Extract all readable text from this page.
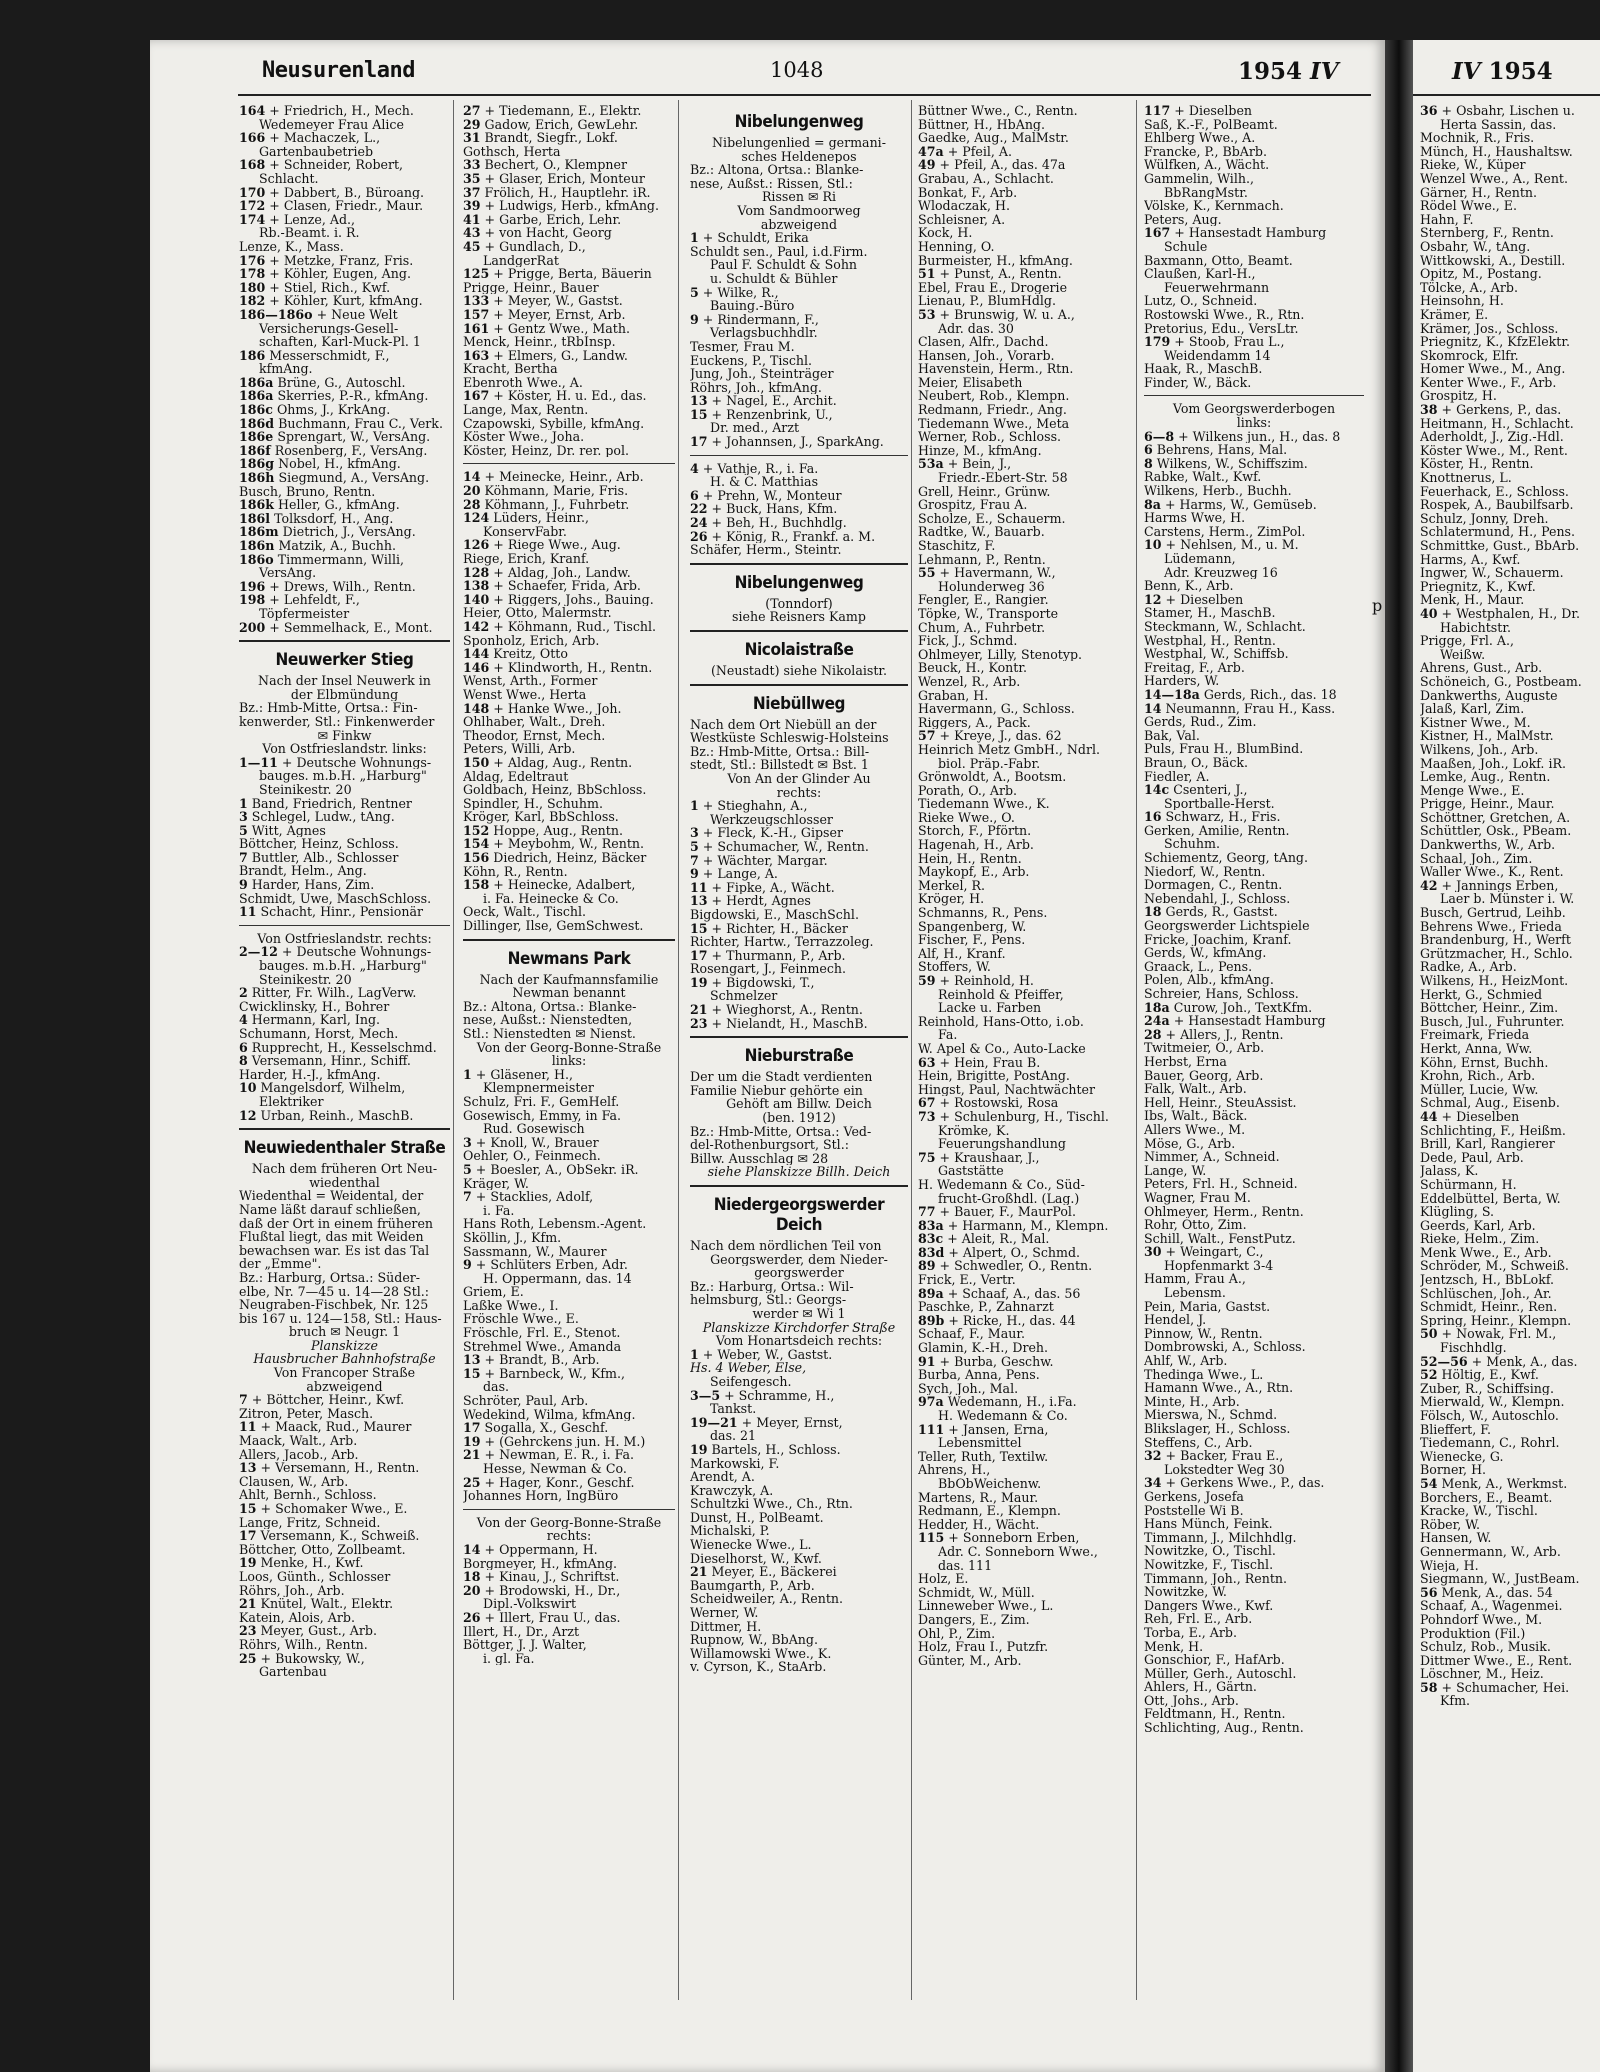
Neusurenland	1048	1954 IV	IV 1954
164 + Friedrich, H., Mech.
Wedemeyer Frau Alice
166 + Machaczek, L.,
Gartenbaubetrieb
168 + Schneider, Robert,
Schlacht.
170 + Dabbert, B., Büroang.
172 + Clasen, Friedr., Maur.
174 + Lenze, Ad.,
Rb.-Beamt. i. R.
Lenze, K., Mass.
176 + Metzke, Franz, Fris.
178 + Köhler, Eugen, Ang.
180 + Stiel, Rich., Kwf.
182 + Köhler, Kurt, kfmAng.
186—186o + Neue Welt
Versicherungs-Gesell-
schaften, Karl-Muck-Pl. 1
186 Messerschmidt, F.,
kfmAng.
186a Brüne, G., Autoschl.
186a Skerries, P.-R., kfmAng.
186c Ohms, J., KrkAng.
186d Buchmann, Frau C., Verk.
186e Sprengart, W., VersAng.
186f Rosenberg, F., VersAng.
186g Nobel, H., kfmAng.
186h Siegmund, A., VersAng.
Busch, Bruno, Rentn.
186k Heller, G., kfmAng.
186l Tolksdorf, H., Ang.
186m Dietrich, J., VersAng.
186n Matzik, A., Buchh.
186o Timmermann, Willi,
VersAng.
196 + Drews, Wilh., Rentn.
198 + Lehfeldt, F.,
Töpfermeister
200 + Semmelhack, E., Mont.
Neuwerker Stieg
Nach der Insel Neuwerk in
der Elbmündung
Bz.: Hmb-Mitte, Ortsa.: Fin-
kenwerder, Stl.: Finkenwerder
✉ Finkw
Von Ostfrieslandstr. links:
1—11 + Deutsche Wohnungs-
bauges. m.b.H. „Harburg"
Steinikestr. 20
1 Band, Friedrich, Rentner
3 Schlegel, Ludw., tAng.
5 Witt, Agnes
Böttcher, Heinz, Schloss.
7 Buttler, Alb., Schlosser
Brandt, Helm., Ang.
9 Harder, Hans, Zim.
Schmidt, Uwe, MaschSchloss.
11 Schacht, Hinr., Pensionär
Von Ostfrieslandstr. rechts:
2—12 + Deutsche Wohnungs-
bauges. m.b.H. „Harburg"
Steinikestr. 20
2 Ritter, Fr. Wilh., LagVerw.
Cwicklinsky, H., Bohrer
4 Hermann, Karl, Ing.
Schumann, Horst, Mech.
6 Rupprecht, H., Kesselschmd.
8 Versemann, Hinr., Schiff.
Harder, H.-J., kfmAng.
10 Mangelsdorf, Wilhelm,
Elektriker
12 Urban, Reinh., MaschB.
Neuwiedenthaler Straße
Nach dem früheren Ort Neu-
wiedenthal
Wiedenthal = Weidental, der
Name läßt darauf schließen,
daß der Ort in einem früheren
Flußtal liegt, das mit Weiden
bewachsen war. Es ist das Tal
der „Emme".
Bz.: Harburg, Ortsa.: Süder-
elbe, Nr. 7—45 u. 14—28 Stl.:
Neugraben-Fischbek, Nr. 125
bis 167 u. 124—158, Stl.: Haus-
bruch ✉ Neugr. 1
Planskizze
Hausbrucher Bahnhofstraße
Von Francoper Straße
abzweigend
7 + Böttcher, Heinr., Kwf.
Zitron, Peter, Masch.
11 + Maack, Rud., Maurer
Maack, Walt., Arb.
Allers, Jacob., Arb.
13 + Versemann, H., Rentn.
Clausen, W., Arb.
Ahlt, Bernh., Schloss.
15 + Schomaker Wwe., E.
Lange, Fritz, Schneid.
17 Versemann, K., Schweiß.
Böttcher, Otto, Zollbeamt.
19 Menke, H., Kwf.
Loos, Günth., Schlosser
Röhrs, Joh., Arb.
21 Knütel, Walt., Elektr.
Katein, Alois, Arb.
23 Meyer, Gust., Arb.
Röhrs, Wilh., Rentn.
25 + Bukowsky, W.,
Gartenbau
27 + Tiedemann, E., Elektr.
29 Gadow, Erich, GewLehr.
31 Brandt, Siegfr., Lokf.
Gothsch, Herta
33 Bechert, O., Klempner
35 + Glaser, Erich, Monteur
37 Frölich, H., Hauptlehr. iR.
39 + Ludwigs, Herb., kfmAng.
41 + Garbe, Erich, Lehr.
43 + von Hacht, Georg
45 + Gundlach, D.,
LandgerRat
125 + Prigge, Berta, Bäuerin
Prigge, Heinr., Bauer
133 + Meyer, W., Gastst.
157 + Meyer, Ernst, Arb.
161 + Gentz Wwe., Math.
Menck, Heinr., tRbInsp.
163 + Elmers, G., Landw.
Kracht, Bertha
Ebenroth Wwe., A.
167 + Köster, H. u. Ed., das.
Lange, Max, Rentn.
Czapowski, Sybille, kfmAng.
Köster Wwe., Joha.
Köster, Heinz, Dr. rer. pol.
14 + Meinecke, Heinr., Arb.
20 Köhmann, Marie, Fris.
28 Köhmann, J., Fuhrbetr.
124 Lüders, Heinr.,
KonservFabr.
126 + Riege Wwe., Aug.
Riege, Erich, Kranf.
128 + Aldag, Joh., Landw.
138 + Schaefer, Frida, Arb.
140 + Riggers, Johs., Bauing.
Heier, Otto, Malermstr.
142 + Köhmann, Rud., Tischl.
Sponholz, Erich, Arb.
144 Kreitz, Otto
146 + Klindworth, H., Rentn.
Wenst, Arth., Former
Wenst Wwe., Herta
148 + Hanke Wwe., Joh.
Ohlhaber, Walt., Dreh.
Theodor, Ernst, Mech.
Peters, Willi, Arb.
150 + Aldag, Aug., Rentn.
Aldag, Edeltraut
Goldbach, Heinz, BbSchloss.
Spindler, H., Schuhm.
Kröger, Karl, BbSchloss.
152 Hoppe, Aug., Rentn.
154 + Meybohm, W., Rentn.
156 Diedrich, Heinz, Bäcker
Köhn, R., Rentn.
158 + Heinecke, Adalbert,
i. Fa. Heinecke & Co.
Oeck, Walt., Tischl.
Dillinger, Ilse, GemSchwest.
Newmans Park
Nach der Kaufmannsfamilie
Newman benannt
Bz.: Altona, Ortsa.: Blanke-
nese, Außst.: Nienstedten,
Stl.: Nienstedten ✉ Nienst.
Von der Georg-Bonne-Straße
links:
1 + Gläsener, H.,
Klempnermeister
Schulz, Fri. F., GemHelf.
Gosewisch, Emmy, in Fa.
Rud. Gosewisch
3 + Knoll, W., Brauer
Oehler, O., Feinmech.
5 + Boesler, A., ObSekr. iR.
Kräger, W.
7 + Stacklies, Adolf,
i. Fa.
Hans Roth, Lebensm.-Agent.
Sköllin, J., Kfm.
Sassmann, W., Maurer
9 + Schlüters Erben, Adr.
H. Oppermann, das. 14
Griem, E.
Laßke Wwe., I.
Fröschle Wwe., E.
Fröschle, Frl. E., Stenot.
Strehmel Wwe., Amanda
13 + Brandt, B., Arb.
15 + Barnbeck, W., Kfm.,
das.
Schröter, Paul, Arb.
Wedekind, Wilma, kfmAng.
17 Sogalla, X., Geschf.
19 + (Gehrckens jun. H. M.)
21 + Newman, E. R., i. Fa.
Hesse, Newman & Co.
25 + Hager, Konr., Geschf.
Johannes Horn, IngBüro
Von der Georg-Bonne-Straße
rechts:
14 + Oppermann, H.
Borgmeyer, H., kfmAng.
18 + Kinau, J., Schriftst.
20 + Brodowski, H., Dr.,
Dipl.-Volkswirt
26 + Illert, Frau U., das.
Illert, H., Dr., Arzt
Böttger, J. J. Walter,
i. gl. Fa.
Nibelungenweg
Nibelungenlied = germani-
sches Heldenepos
Bz.: Altona, Ortsa.: Blanke-
nese, Außst.: Rissen, Stl.:
Rissen ✉ Ri
Vom Sandmoorweg
abzweigend
1 + Schuldt, Erika
Schuldt sen., Paul, i.d.Firm.
Paul F. Schuldt & Sohn
u. Schuldt & Bühler
5 + Wilke, R.,
Bauing.-Büro
9 + Rindermann, F.,
Verlagsbuchhdlr.
Tesmer, Frau M.
Euckens, P., Tischl.
Jung, Joh., Steinträger
Röhrs, Joh., kfmAng.
13 + Nagel, E., Archit.
15 + Renzenbrink, U.,
Dr. med., Arzt
17 + Johannsen, J., SparkAng.
4 + Vathje, R., i. Fa.
H. & C. Matthias
6 + Prehn, W., Monteur
22 + Buck, Hans, Kfm.
24 + Beh, H., Buchhdlg.
26 + König, R., Frankf. a. M.
Schäfer, Herm., Steintr.
Nibelungenweg
(Tonndorf)
siehe Reisners Kamp
Nicolaistraße
(Neustadt) siehe Nikolaistr.
Niebüllweg
Nach dem Ort Niebüll an der
Westküste Schleswig-Holsteins
Bz.: Hmb-Mitte, Ortsa.: Bill-
stedt, Stl.: Billstedt ✉ Bst. 1
Von An der Glinder Au
rechts:
1 + Stieghahn, A.,
Werkzeugschlosser
3 + Fleck, K.-H., Gipser
5 + Schumacher, W., Rentn.
7 + Wächter, Margar.
9 + Lange, A.
11 + Fipke, A., Wächt.
13 + Herdt, Agnes
Bigdowski, E., MaschSchl.
15 + Richter, H., Bäcker
Richter, Hartw., Terrazzoleg.
17 + Thurmann, P., Arb.
Rosengart, J., Feinmech.
19 + Bigdowski, T.,
Schmelzer
21 + Wieghorst, A., Rentn.
23 + Nielandt, H., MaschB.
Nieburstraße
Der um die Stadt verdienten
Familie Niebur gehörte ein
Gehöft am Billw. Deich
(ben. 1912)
Bz.: Hmb-Mitte, Ortsa.: Ved-
del-Rothenburgsort, Stl.:
Billw. Ausschlag ✉ 28
siehe Planskizze Billh. Deich
Niedergeorgswerder Deich
Nach dem nördlichen Teil von
Georgswerder, dem Nieder-
georgswerder
Bz.: Harburg, Ortsa.: Wil-
helmsburg, Stl.: Georgs-
werder ✉ Wi 1
Planskizze Kirchdorfer Straße
Vom Honartsdeich rechts:
1 + Weber, W., Gastst.
Hs. 4 Weber, Else,
Seifengesch.
3—5 + Schramme, H.,
Tankst.
19—21 + Meyer, Ernst,
das. 21
19 Bartels, H., Schloss.
Markowski, F.
Arendt, A.
Krawczyk, A.
Schultzki Wwe., Ch., Rtn.
Dunst, H., PolBeamt.
Michalski, P.
Wienecke Wwe., L.
Dieselhorst, W., Kwf.
21 Meyer, E., Bäckerei
Baumgarth, P., Arb.
Scheidweiler, A., Rentn.
Werner, W.
Dittmer, H.
Rupnow, W., BbAng.
Willamowski Wwe., K.
v. Cyrson, K., StaArb.
Büttner Wwe., C., Rentn.
Büttner, H., HbAng.
Gaedke, Aug., MalMstr.
47a + Pfeil, A.
49 + Pfeil, A., das. 47a
Grabau, A., Schlacht.
Bonkat, F., Arb.
Wlodaczak, H.
Schleisner, A.
Kock, H.
Henning, O.
Burmeister, H., kfmAng.
51 + Punst, A., Rentn.
Ebel, Frau E., Drogerie
Lienau, P., BlumHdlg.
53 + Brunswig, W. u. A.,
Adr. das. 30
Clasen, Alfr., Dachd.
Hansen, Joh., Vorarb.
Havenstein, Herm., Rtn.
Meier, Elisabeth
Neubert, Rob., Klempn.
Redmann, Friedr., Ang.
Tiedemann Wwe., Meta
Werner, Rob., Schloss.
Hinze, M., kfmAng.
53a + Bein, J.,
Friedr.-Ebert-Str. 58
Grell, Heinr., Grünw.
Grospitz, Frau A.
Scholze, E., Schauerm.
Radtke, W., Bauarb.
Staschitz, F.
Lehmann, P., Rentn.
55 + Havermann, W.,
Holunderweg 36
Fengler, E., Rangier.
Töpke, W., Transporte
Chum, A., Fuhrbetr.
Fick, J., Schmd.
Ohlmeyer, Lilly, Stenotyp.
Beuck, H., Kontr.
Wenzel, R., Arb.
Graban, H.
Havermann, G., Schloss.
Riggers, A., Pack.
57 + Kreye, J., das. 62
Heinrich Metz GmbH., Ndrl.
biol. Präp.-Fabr.
Grönwoldt, A., Bootsm.
Porath, O., Arb.
Tiedemann Wwe., K.
Rieke Wwe., O.
Storch, F., Pförtn.
Hagenah, H., Arb.
Hein, H., Rentn.
Maykopf, E., Arb.
Merkel, R.
Kröger, H.
Schmanns, R., Pens.
Spangenberg, W.
Fischer, F., Pens.
Alf, H., Kranf.
Stoffers, W.
59 + Reinhold, H.
Reinhold & Pfeiffer,
Lacke u. Farben
Reinhold, Hans-Otto, i.ob.
Fa.
W. Apel & Co., Auto-Lacke
63 + Hein, Frau B.
Hein, Brigitte, PostAng.
Hingst, Paul, Nachtwächter
67 + Rostowski, Rosa
73 + Schulenburg, H., Tischl.
Krömke, K.
Feuerungshandlung
75 + Kraushaar, J.,
Gaststätte
H. Wedemann & Co., Süd-
frucht-Großhdl. (Lag.)
77 + Bauer, F., MaurPol.
83a + Harmann, M., Klempn.
83c + Aleit, R., Mal.
83d + Alpert, O., Schmd.
89 + Schwedler, O., Rentn.
Frick, E., Vertr.
89a + Schaaf, A., das. 56
Paschke, P., Zahnarzt
89b + Ricke, H., das. 44
Schaaf, F., Maur.
Glamin, K.-H., Dreh.
91 + Burba, Geschw.
Burba, Anna, Pens.
Sych, Joh., Mal.
97a Wedemann, H., i.Fa.
H. Wedemann & Co.
111 + Jansen, Erna,
Lebensmittel
Teller, Ruth, Textilw.
Ahrens, H.,
BbObWeichenw.
Martens, R., Maur.
Redmann, E., Klempn.
Hedder, H., Wächt.
115 + Sonneborn Erben,
Adr. C. Sonneborn Wwe.,
das. 111
Holz, E.
Schmidt, W., Müll.
Linneweber Wwe., L.
Dangers, E., Zim.
Ohl, P., Zim.
Holz, Frau I., Putzfr.
Günter, M., Arb.
117 + Dieselben
Saß, K.-F., PolBeamt.
Ehlberg Wwe., A.
Francke, P., BbArb.
Wülfken, A., Wächt.
Gammelin, Wilh.,
BbRangMstr.
Völske, K., Kernmach.
Peters, Aug.
167 + Hansestadt Hamburg
Schule
Baxmann, Otto, Beamt.
Claußen, Karl-H.,
Feuerwehrmann
Lutz, O., Schneid.
Rostowski Wwe., R., Rtn.
Pretorius, Edu., VersLtr.
179 + Stoob, Frau L.,
Weidendamm 14
Haak, R., MaschB.
Finder, W., Bäck.
Vom Georgswerderbogen
links:
6—8 + Wilkens jun., H., das. 8
6 Behrens, Hans, Mal.
8 Wilkens, W., Schiffszim.
Rabke, Walt., Kwf.
Wilkens, Herb., Buchh.
8a + Harms, W., Gemüseb.
Harms Wwe, H.
Carstens, Herm., ZimPol.
10 + Nehlsen, M., u. M.
Lüdemann,
Adr. Kreuzweg 16
Benn, K., Arb.
12 + Dieselben
Stamer, H., MaschB.
Steckmann, W., Schlacht.
Westphal, H., Rentn.
Westphal, W., Schiffsb.
Freitag, F., Arb.
Harders, W.
14—18a Gerds, Rich., das. 18
14 Neumannn, Frau H., Kass.
Gerds, Rud., Zim.
Bak, Val.
Puls, Frau H., BlumBind.
Braun, O., Bäck.
Fiedler, A.
14c Csenteri, J.,
Sportballe-Herst.
16 Schwarz, H., Fris.
Gerken, Amilie, Rentn.
Schuhm.
Schiementz, Georg, tAng.
Niedorf, W., Rentn.
Dormagen, C., Rentn.
Nebendahl, J., Schloss.
18 Gerds, R., Gastst.
Georgswerder Lichtspiele
Fricke, Joachim, Kranf.
Gerds, W., kfmAng.
Graack, L., Pens.
Polen, Alb., kfmAng.
Schreier, Hans, Schloss.
18a Curow, Joh., TextKfm.
24a + Hansestadt Hamburg
28 + Allers, J., Rentn.
Twitmeier, O., Arb.
Herbst, Erna
Bauer, Georg, Arb.
Falk, Walt., Arb.
Hell, Heinr., SteuAssist.
Ibs, Walt., Bäck.
Allers Wwe., M.
Möse, G., Arb.
Nimmer, A., Schneid.
Lange, W.
Peters, Frl. H., Schneid.
Wagner, Frau M.
Ohlmeyer, Herm., Rentn.
Rohr, Otto, Zim.
Schill, Walt., FenstPutz.
30 + Weingart, C.,
Hopfenmarkt 3-4
Hamm, Frau A.,
Lebensm.
Pein, Maria, Gastst.
Hendel, J.
Pinnow, W., Rentn.
Dombrowski, A., Schloss.
Ahlf, W., Arb.
Thedinga Wwe., L.
Hamann Wwe., A., Rtn.
Minte, H., Arb.
Mierswa, N., Schmd.
Blikslager, H., Schloss.
Steffens, C., Arb.
32 + Backer, Frau E.,
Lokstedter Weg 30
34 + Gerkens Wwe., P., das.
Gerkens, Josefa
Poststelle Wi B.
Hans Münch, Feink.
Timmann, J., Milchhdlg.
Nowitzke, O., Tischl.
Nowitzke, F., Tischl.
Timmann, Joh., Rentn.
Nowitzke, W.
Dangers Wwe., Kwf.
Reh, Frl. E., Arb.
Torba, E., Arb.
Menk, H.
Gonschior, F., HafArb.
Müller, Gerh., Autoschl.
Ahlers, H., Gärtn.
Ott, Johs., Arb.
Feldtmann, H., Rentn.
Schlichting, Aug., Rentn.
36 + Osbahr, Lischen u.
Herta Sassin, das.
Mochnik, R., Fris.
Münch, H., Haushaltsw.
Rieke, W., Küper
Wenzel Wwe., A., Rent.
Gärner, H., Rentn.
Rödel Wwe., E.
Hahn, F.
Sternberg, F., Rentn.
Osbahr, W., tAng.
Wittkowski, A., Destill.
Opitz, M., Postang.
Tölcke, A., Arb.
Heinsohn, H.
Krämer, E.
Krämer, Jos., Schloss.
Priegnitz, K., KfzElektr.
Skomrock, Elfr.
Homer Wwe., M., Ang.
Kenter Wwe., F., Arb.
Grospitz, H.
38 + Gerkens, P., das.
Heitmann, H., Schlacht.
Aderholdt, J., Zig.-Hdl.
Köster Wwe., M., Rent.
Köster, H., Rentn.
Knottnerus, L.
Feuerhack, E., Schloss.
Rospek, A., Baubilfsarb.
Schulz, Jonny, Dreh.
Schlatermund, H., Pens.
Schmittke, Gust., BbArb.
Harms, A., Kwf.
Ingwer, W., Schauerm.
Priegnitz, K., Kwf.
Menk, H., Maur.
40 + Westphalen, H., Dr.
Habichtstr.
Prigge, Frl. A.,
Weißw.
Ahrens, Gust., Arb.
Schöneich, G., Postbeam.
Dankwerths, Auguste
Jalaß, Karl, Zim.
Kistner Wwe., M.
Kistner, H., MalMstr.
Wilkens, Joh., Arb.
Maaßen, Joh., Lokf. iR.
Lemke, Aug., Rentn.
Menge Wwe., E.
Prigge, Heinr., Maur.
Schöttner, Gretchen, A.
Schüttler, Osk., PBeam.
Dankwerths, W., Arb.
Schaal, Joh., Zim.
Waller Wwe., K., Rent.
42 + Jannings Erben,
Laer b. Münster i. W.
Busch, Gertrud, Leihb.
Behrens Wwe., Frieda
Brandenburg, H., Werft
Grützmacher, H., Schlo.
Radke, A., Arb.
Wilkens, H., HeizMont.
Herkt, G., Schmied
Böttcher, Heinr., Zim.
Busch, Jul., Fuhrunter.
Freimark, Frieda
Herkt, Anna, Ww.
Köhn, Ernst, Buchh.
Krohn, Rich., Arb.
Müller, Lucie, Ww.
Schmal, Aug., Eisenb.
44 + Dieselben
Schlichting, F., Heißm.
Brill, Karl, Rangierer
Dede, Paul, Arb.
Jalass, K.
Schürmann, H.
Eddelbüttel, Berta, W.
Klügling, S.
Geerds, Karl, Arb.
Rieke, Helm., Zim.
Menk Wwe., E., Arb.
Schröder, M., Schweiß.
Jentzsch, H., BbLokf.
Schlüschen, Joh., Ar.
Schmidt, Heinr., Ren.
Spring, Heinr., Klempn.
50 + Nowak, Frl. M.,
Fischhdlg.
52—56 + Menk, A., das.
52 Höltig, E., Kwf.
Zuber, R., Schiffsing.
Mierwald, W., Klempn.
Fölsch, W., Autoschlo.
Blieffert, F.
Tiedemann, C., Rohrl.
Wienecke, G.
Borner, H.
54 Menk, A., Werkmst.
Borchers, E., Beamt.
Kracke, W., Tischl.
Röber, W.
Hansen, W.
Gennermann, W., Arb.
Wieja, H.
Siegmann, W., JustBeam.
56 Menk, A., das. 54
Schaaf, A., Wagenmei.
Pohndorf Wwe., M.
Produktion (Fil.)
Schulz, Rob., Musik.
Dittmer Wwe., E., Rent.
Löschner, M., Heiz.
58 + Schumacher, Hei.
Kfm.
p
